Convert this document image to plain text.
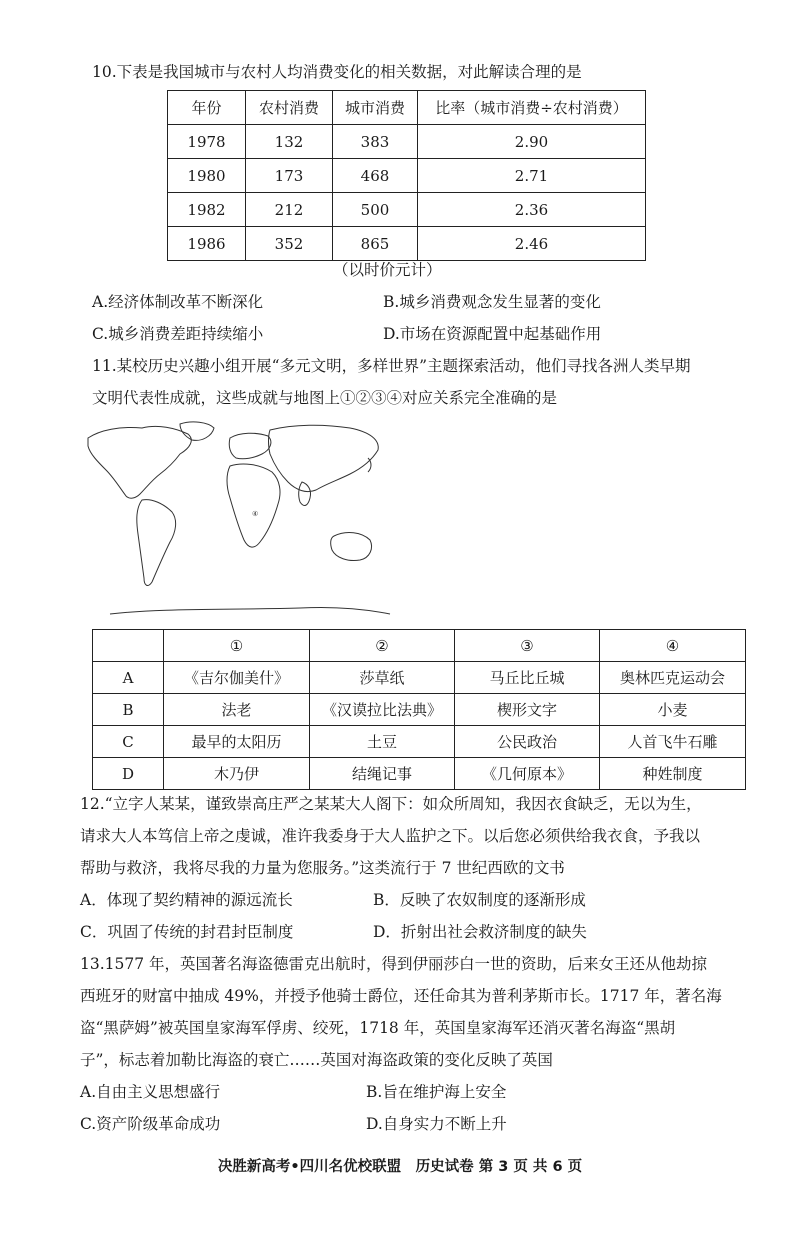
10.下表是我国城市与农村人均消费变化的相关数据，对此解读合理的是
年份	农村消费	城市消费	比率（城市消费÷农村消费）
1978	132	383	2.90
1980	173	468	2.71
1982	212	500	2.36
1986	352	865	2.46
（以时价元计）
A.经济体制改革不断深化	B.城乡消费观念发生显著的变化
C.城乡消费差距持续缩小	D.市场在资源配置中起基础作用
11.某校历史兴趣小组开展“多元文明，多样世界”主题探索活动，他们寻找各洲人类早期
文明代表性成就，这些成就与地图上①②③④对应关系完全准确的是
④
	①	②	③	④
A	《吉尔伽美什》	莎草纸	马丘比丘城	奥林匹克运动会
B	法老	《汉谟拉比法典》	楔形文字	小麦
C	最早的太阳历	土豆	公民政治	人首飞牛石雕
D	木乃伊	结绳记事	《几何原本》	种姓制度
12.“立字人某某，谨致崇高庄严之某某大人阁下：如众所周知，我因衣食缺乏，无以为生，
请求大人本笃信上帝之虔诚，准许我委身于大人监护之下。以后您必须供给我衣食，予我以
帮助与救济，我将尽我的力量为您服务。”这类流行于 7 世纪西欧的文书
A．体现了契约精神的源远流长	B．反映了农奴制度的逐渐形成
C．巩固了传统的封君封臣制度	D．折射出社会救济制度的缺失
13.1577 年，英国著名海盗德雷克出航时，得到伊丽莎白一世的资助，后来女王还从他劫掠
西班牙的财富中抽成 49%，并授予他骑士爵位，还任命其为普利茅斯市长。1717 年，著名海
盗“黑萨姆”被英国皇家海军俘虏、绞死，1718 年，英国皇家海军还消灭著名海盗“黑胡
子”，标志着加勒比海盗的衰亡……英国对海盗政策的变化反映了英国
A.自由主义思想盛行	B.旨在维护海上安全
C.资产阶级革命成功	D.自身实力不断上升
决胜新高考•四川名优校联盟　历史试卷 第 3 页 共 6 页
